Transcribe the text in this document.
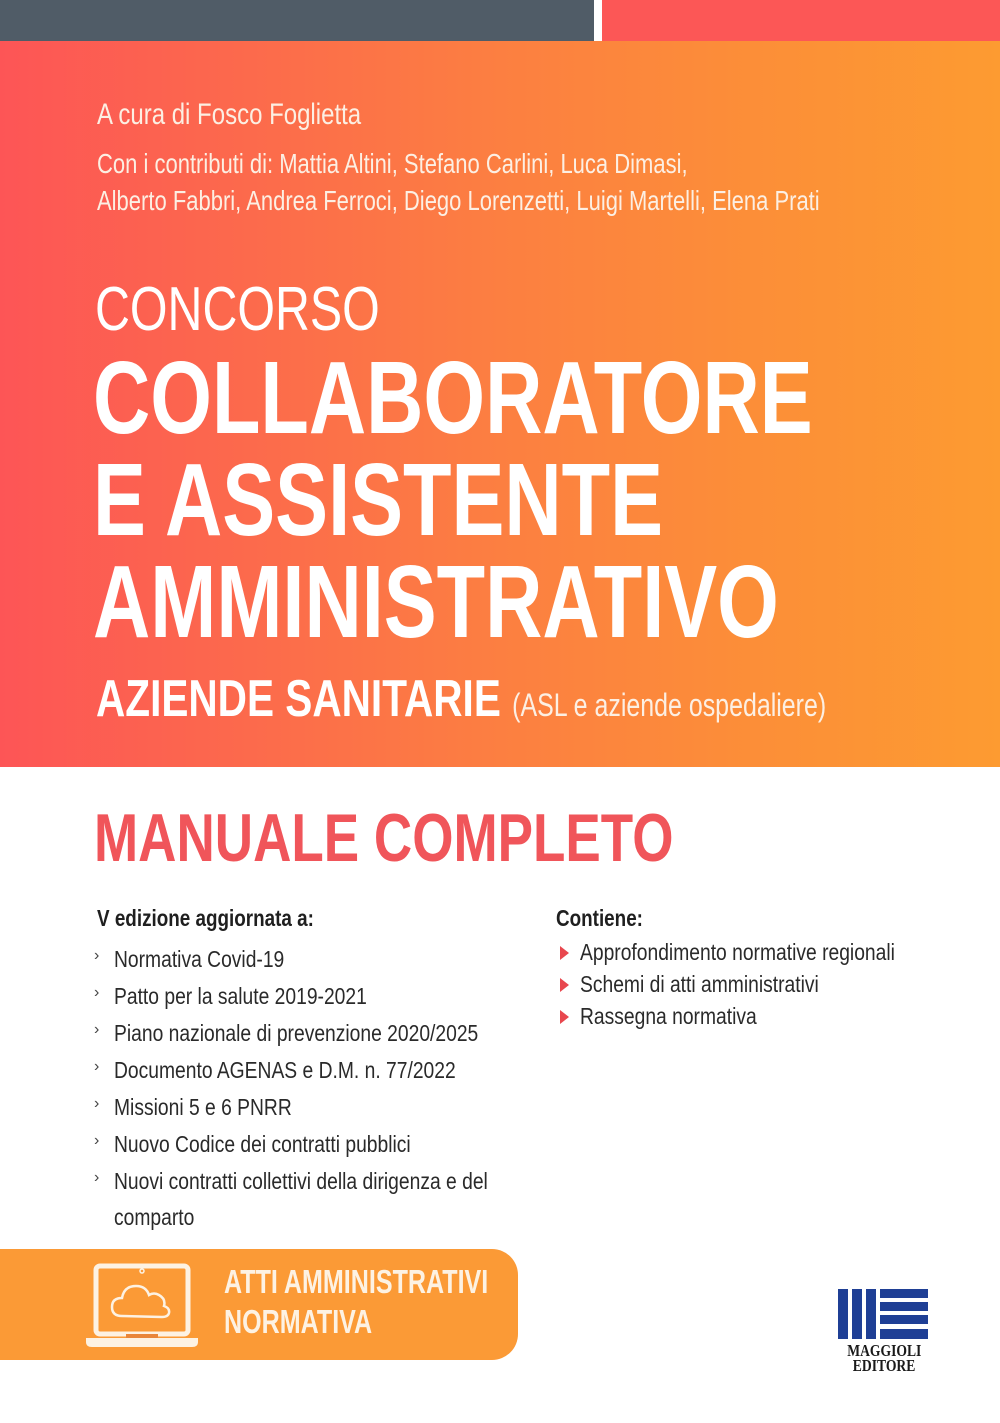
A cura di Fosco Foglietta
Con i contributi di: Mattia Altini, Stefano Carlini, Luca Dimasi,
Alberto Fabbri, Andrea Ferroci, Diego Lorenzetti, Luigi Martelli, Elena Prati
CONCORSO
COLLABORATORE
E ASSISTENTE
AMMINISTRATIVO
AZIENDE SANITARIE (ASL e aziende ospedaliere)
MANUALE COMPLETO
V edizione aggiornata a:
› Normativa Covid-19
› Patto per la salute 2019-2021
› Piano nazionale di prevenzione 2020/2025
› Documento AGENAS e D.M. n. 77/2022
› Missioni 5 e 6 PNRR
› Nuovo Codice dei contratti pubblici
› Nuovi contratti collettivi della dirigenza e del comparto
Contiene:
Approfondimento normative regionali
Schemi di atti amministrativi
Rassegna normativa
ATTI AMMINISTRATIVI
NORMATIVA
MAGGIOLI
EDITORE
